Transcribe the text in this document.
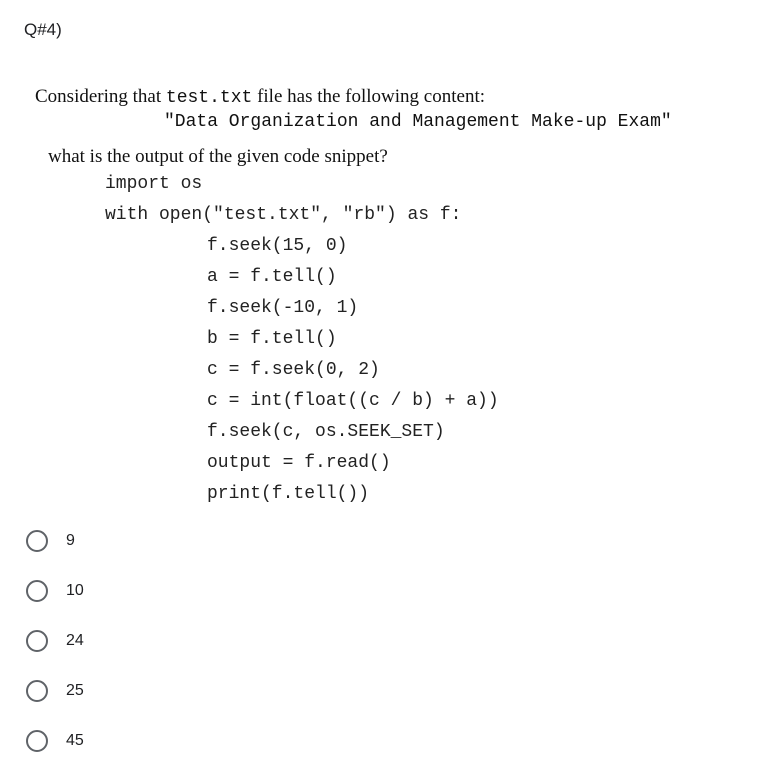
Q#4)
Considering that test.txt file has the following content:
"Data Organization and Management Make-up Exam"
what is the output of the given code snippet?
import os
with open("test.txt", "rb") as f:
f.seek(15, 0)
a = f.tell()
f.seek(-10, 1)
b = f.tell()
c = f.seek(0, 2)
c = int(float((c / b) + a))
f.seek(c, os.SEEK_SET)
output = f.read()
print(f.tell())
9
10
24
25
45
